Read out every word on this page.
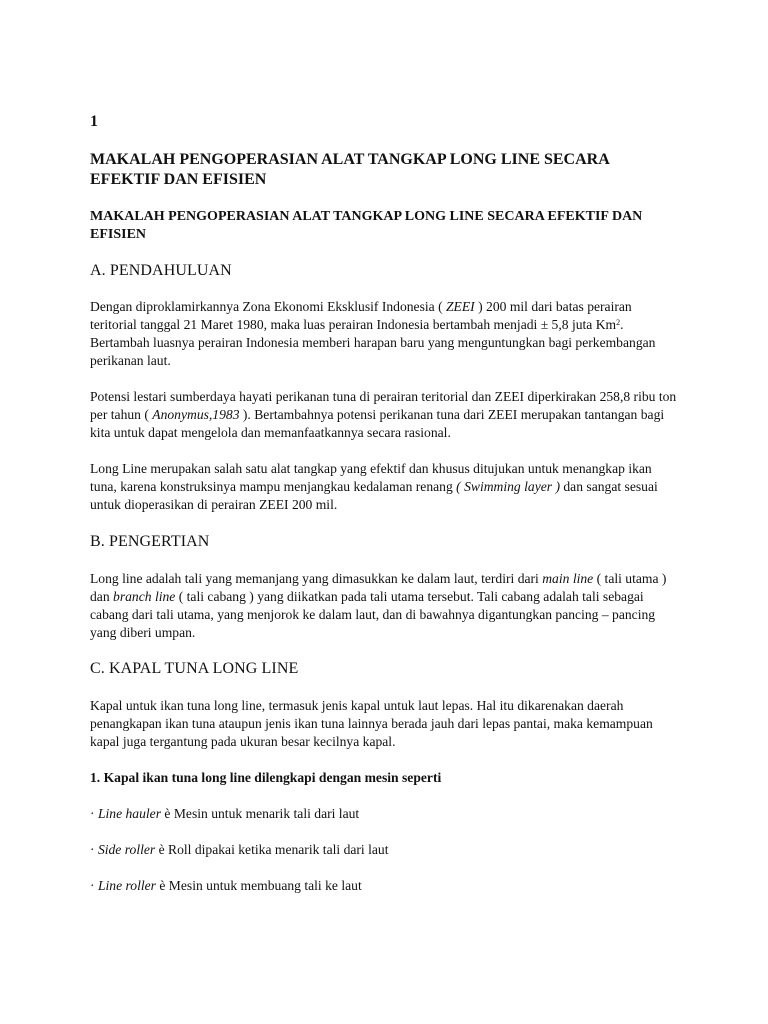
1

MAKALAH PENGOPERASIAN ALAT TANGKAP LONG LINE SECARA EFEKTIF DAN EFISIEN
MAKALAH PENGOPERASIAN ALAT TANGKAP LONG LINE SECARA EFEKTIF DAN EFISIEN
A. PENDAHULUAN

Dengan diproklamirkannya Zona Ekonomi Eksklusif Indonesia ( ZEEI ) 200 mil dari batas perairan teritorial tanggal 21 Maret 1980, maka luas perairan Indonesia bertambah menjadi ± 5,8 juta Km$^2$. Bertambah luasnya perairan Indonesia memberi harapan baru yang menguntungkan bagi perkembangan perikanan laut.

Potensi lestari sumberdaya hayati perikanan tuna di perairan teritorial dan ZEEI diperkirakan 258,8 ribu ton per tahun ( Anonymus,1983 ). Bertambahnya potensi perikanan tuna dari ZEEI merupakan tantangan bagi kita untuk dapat mengelola dan memanfaatkannya secara rasional.

Long Line merupakan salah satu alat tangkap yang efektif dan khusus ditujukan untuk menangkap ikan tuna, karena konstruksinya mampu menjangkau kedalaman renang ( Swimming layer ) dan sangat sesuai untuk dioperasikan di perairan ZEEI 200 mil.

B. PENGERTIAN

Long line adalah tali yang memanjang yang dimasukkan ke dalam laut, terdiri dari main line ( tali utama ) dan branch line ( tali cabang ) yang diikatkan pada tali utama tersebut. Tali cabang adalah tali sebagai cabang dari tali utama, yang menjorok ke dalam laut, dan di bawahnya digantungkan pancing – pancing yang diberi umpan.

C. KAPAL TUNA LONG LINE

Kapal untuk ikan tuna long line, termasuk jenis kapal untuk laut lepas. Hal itu dikarenakan daerah penangkapan ikan tuna ataupun jenis ikan tuna lainnya berada jauh dari lepas pantai, maka kemampuan kapal juga tergantung pada ukuran besar kecilnya kapal.

1. Kapal ikan tuna long line dilengkapi dengan mesin seperti

· Line hauler è Mesin untuk menarik tali dari laut

· Side roller è Roll dipakai ketika menarik tali dari laut

· Line roller è Mesin untuk membuang tali ke laut
